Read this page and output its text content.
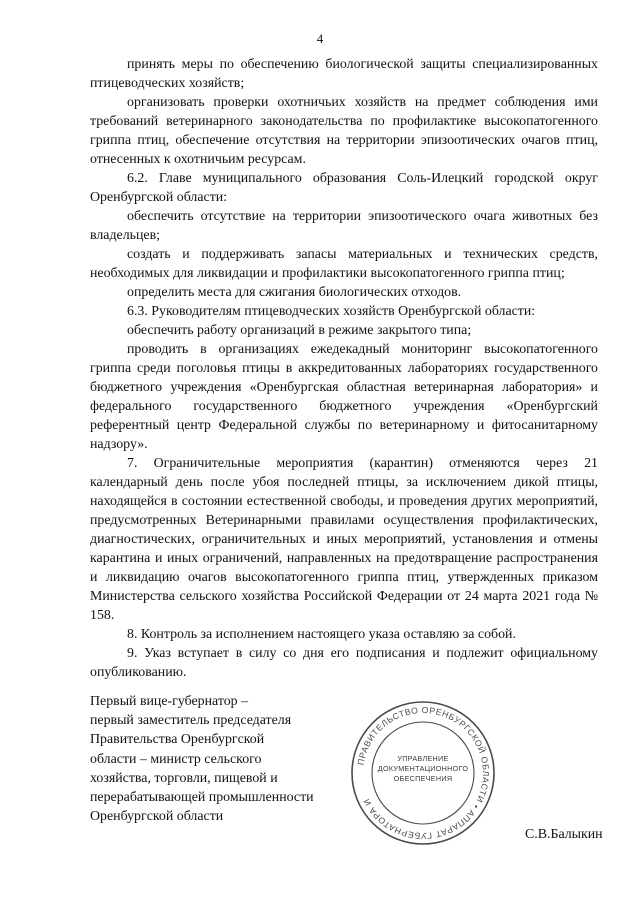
4

принять меры по обеспечению биологической защиты специализированных птицеводческих хозяйств;

организовать проверки охотничьих хозяйств на предмет соблюдения ими требований ветеринарного законодательства по профилактике высокопатогенного гриппа птиц, обеспечение отсутствия на территории эпизоотических очагов птиц, отнесенных к охотничьим ресурсам.

6.2. Главе муниципального образования Соль-Илецкий городской округ Оренбургской области:

обеспечить отсутствие на территории эпизоотического очага животных без владельцев;

создать и поддерживать запасы материальных и технических средств, необходимых для ликвидации и профилактики высокопатогенного гриппа птиц;

определить места для сжигания биологических отходов.

6.3. Руководителям птицеводческих хозяйств Оренбургской области:

обеспечить работу организаций в режиме закрытого типа;

проводить в организациях ежедекадный мониторинг высокопатогенного гриппа среди поголовья птицы в аккредитованных лабораториях государственного бюджетного учреждения «Оренбургская областная ветеринарная лаборатория» и федерального государственного бюджетного учреждения «Оренбургский референтный центр Федеральной службы по ветеринарному и фитосанитарному надзору».

7. Ограничительные мероприятия (карантин) отменяются через 21 календарный день после убоя последней птицы, за исключением дикой птицы, находящейся в состоянии естественной свободы, и проведения других мероприятий, предусмотренных Ветеринарными правилами осуществления профилактических, диагностических, ограничительных и иных мероприятий, установления и отмены карантина и иных ограничений, направленных на предотвращение распространения и ликвидацию очагов высокопатогенного гриппа птиц, утвержденных приказом Министерства сельского хозяйства Российской Федерации от 24 марта 2021 года № 158.

8. Контроль за исполнением настоящего указа оставляю за собой.

9. Указ вступает в силу со дня его подписания и подлежит официальному опубликованию.

Первый вице-губернатор –
первый заместитель председателя
Правительства Оренбургской
области – министр сельского
хозяйства, торговли, пищевой и
перерабатывающей промышленности
Оренбургской области
ПРАВИТЕЛЬСТВО ОРЕНБУРГСКОЙ ОБЛАСТИ • АППАРАТ ГУБЕРНАТОРА И
УПРАВЛЕНИЕ
ДОКУМЕНТАЦИОННОГО
ОБЕСПЕЧЕНИЯ
С.В.Балыкин
